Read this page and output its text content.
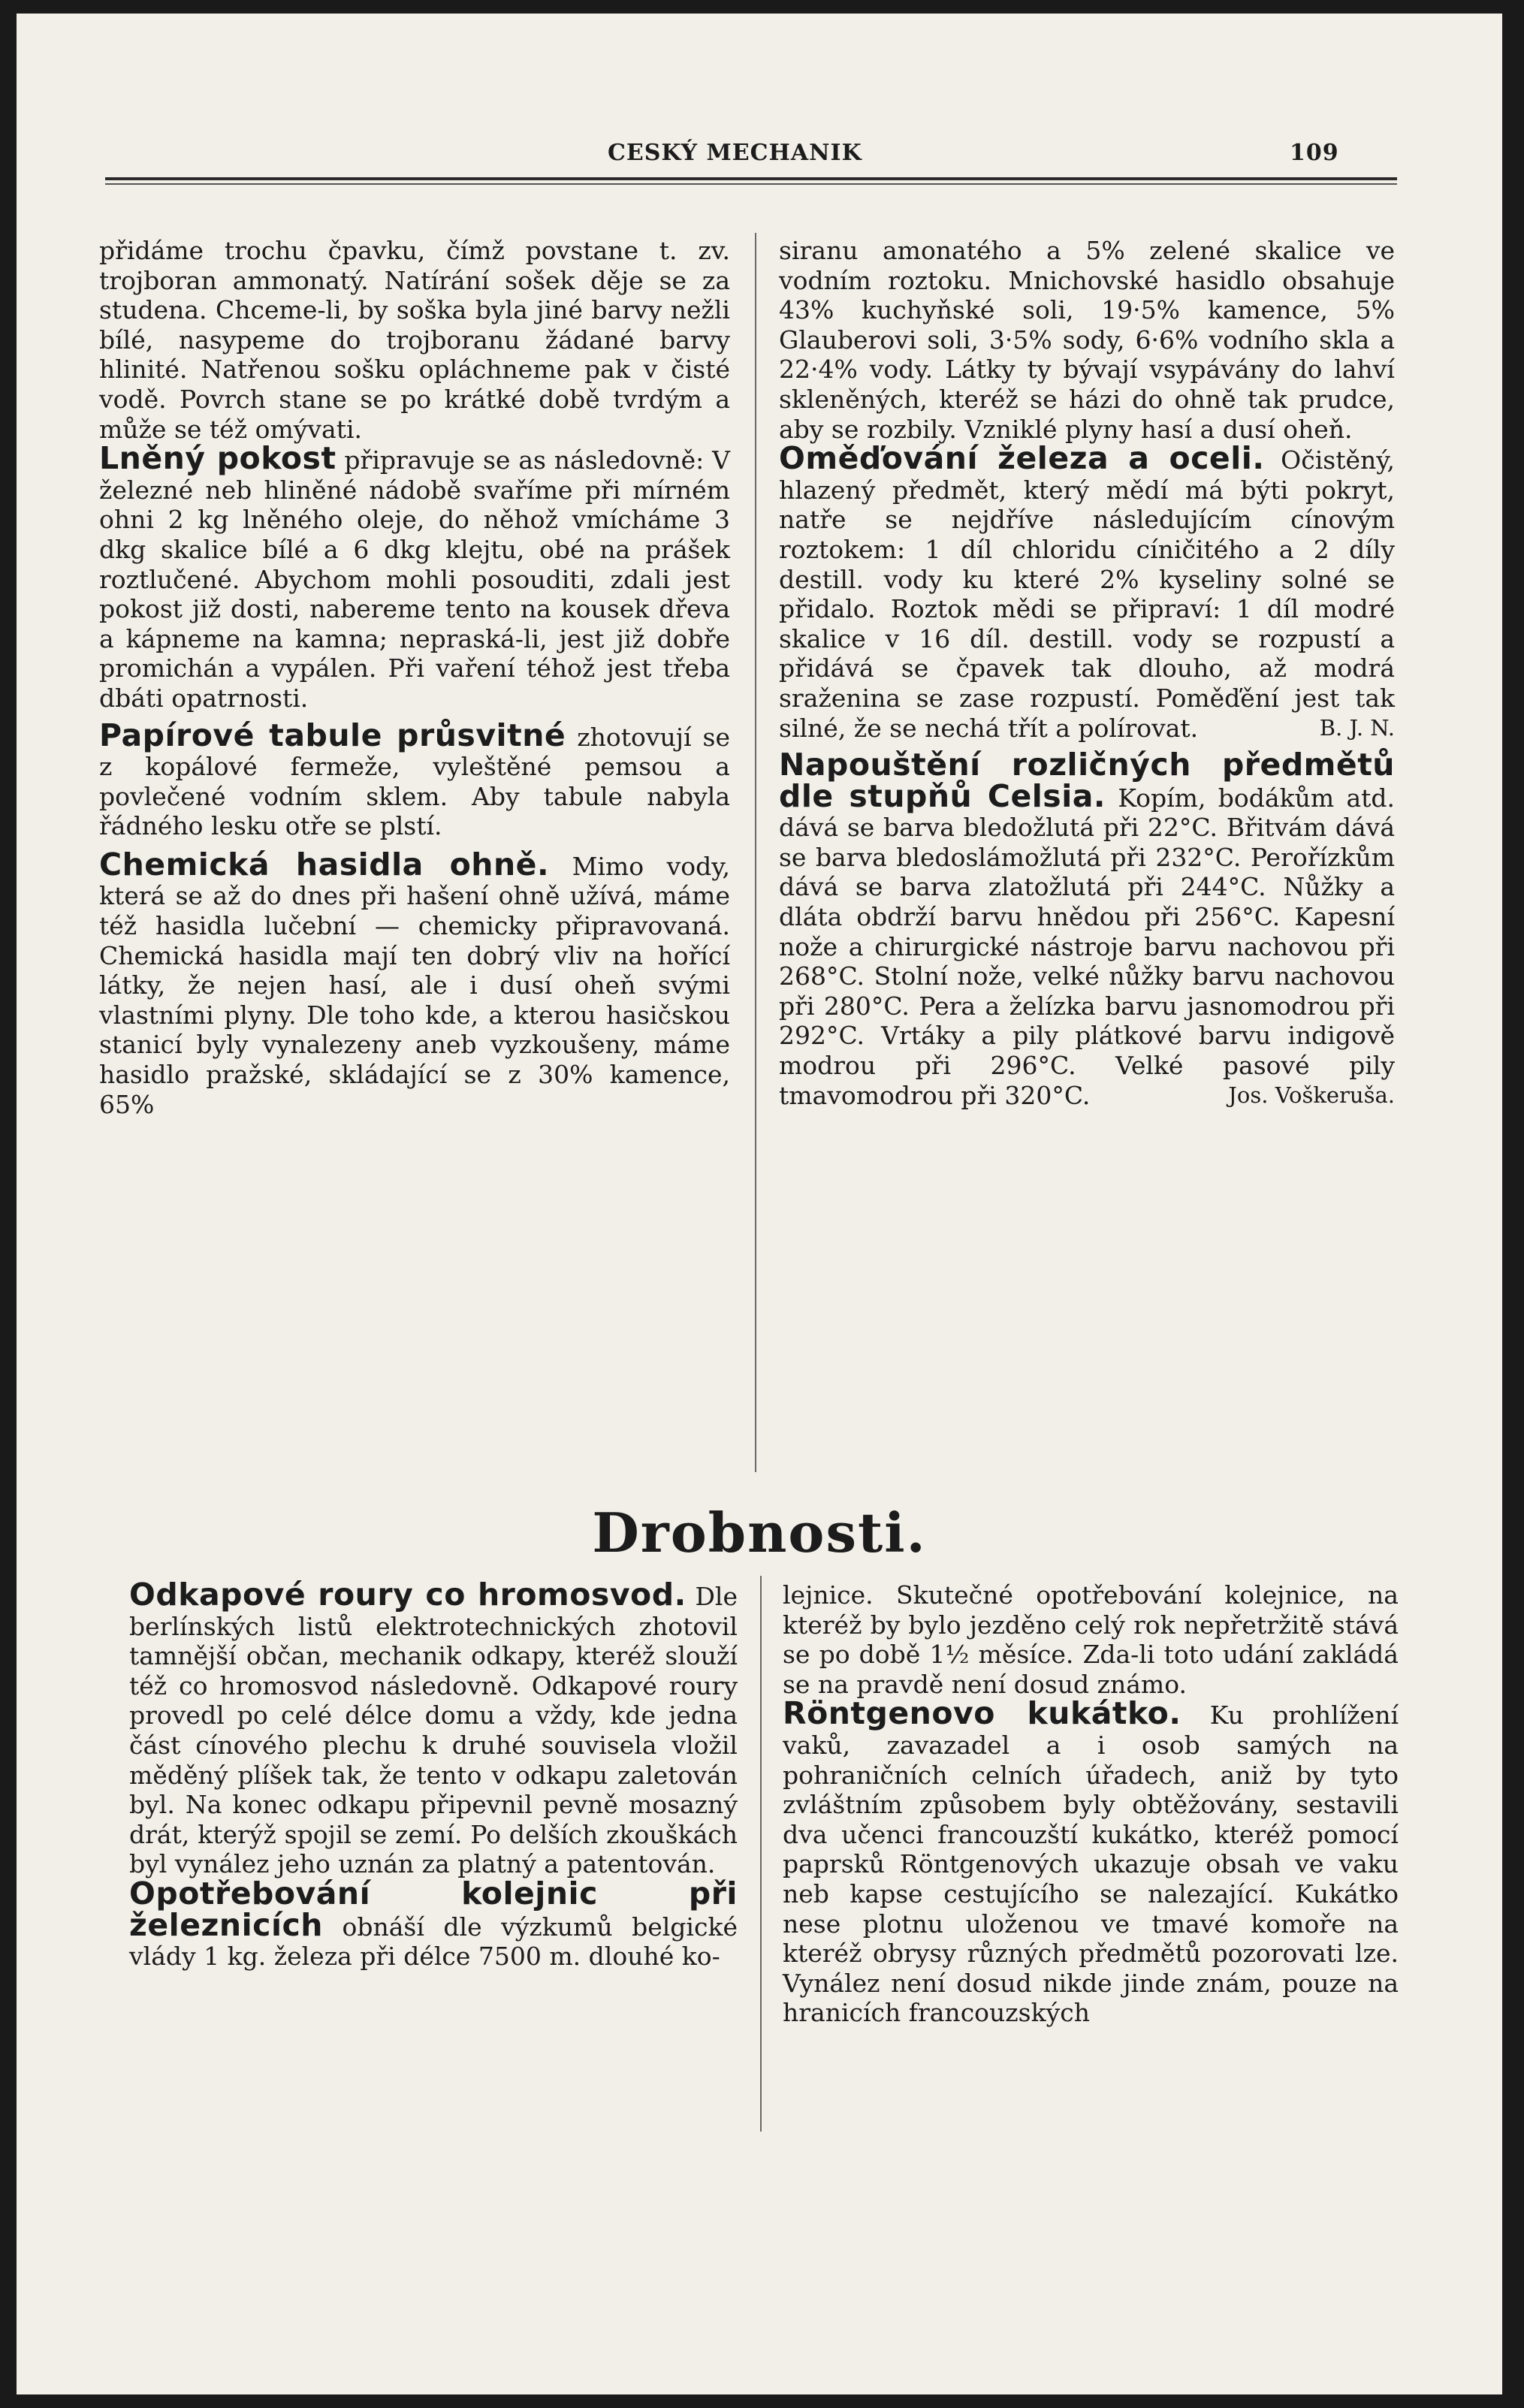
CESKÝ MECHANIK	109

přidáme trochu čpavku, čímž povstane t. zv. trojboran ammonatý. Natírání sošek děje se za studena. Chceme-li, by soška byla jiné barvy nežli bílé, nasypeme do trojboranu žádané barvy hlinité. Natřenou sošku opláchneme pak v čisté vodě. Povrch stane se po krátké době tvrdým a může se též omývati.

Lněný pokost připravuje se as následovně: V železné neb hliněné nádobě svaříme při mírném ohni 2 kg lněného oleje, do něhož vmícháme 3 dkg skalice bílé a 6 dkg klejtu, obé na prášek roztlučené. Abychom mohli posouditi, zdali jest pokost již dosti, nabereme tento na kousek dřeva a kápneme na kamna; nepraská-li, jest již dobře promichán a vypálen. Při vaření téhož jest třeba dbáti opatrnosti.

Papírové tabule průsvitné zhotovují se z kopálové fermeže, vyleštěné pemsou a povlečené vodním sklem. Aby tabule nabyla řádného lesku otře se plstí.

Chemická hasidla ohně. Mimo vody, která se až do dnes při hašení ohně užívá, máme též hasidla lučební — chemicky připravovaná. Chemická hasidla mají ten dobrý vliv na hořící látky, že nejen hasí, ale i dusí oheň svými vlastními plyny. Dle toho kde, a kterou hasičskou stanicí byly vynalezeny aneb vyzkoušeny, máme hasidlo pražské, skládající se z 30% kamence, 65%

siranu amonatého a 5% zelené skalice ve vodním roztoku. Mnichovské hasidlo obsahuje 43% kuchyňské soli, 19·5% kamence, 5% Glauberovi soli, 3·5% sody, 6·6% vodního skla a 22·4% vody. Látky ty bývají vsypávány do lahví skleněných, kteréž se házi do ohně tak prudce, aby se rozbily. Vzniklé plyny hasí a dusí oheň.

Oměďování železa a oceli. Očistěný, hlazený předmět, který mědí má býti pokryt, natře se nejdříve následujícím cínovým roztokem: 1 díl chloridu cíničitého a 2 díly destill. vody ku které 2% kyseliny solné se přidalo. Roztok mědi se připraví: 1 díl modré skalice v 16 díl. destill. vody se rozpustí a přidává se čpavek tak dlouho, až modrá sraženina se zase rozpustí. Poměďění jest tak silné, že se nechá třít a polírovat.	B. J. N.

Napouštění rozličných předmětů dle stupňů Celsia. Kopím, bodákům atd. dává se barva bledožlutá při 22°C. Břitvám dává se barva bledoslámožlutá při 232°C. Perořízkům dává se barva zlatožlutá při 244°C. Nůžky a dláta obdrží barvu hnědou při 256°C. Kapesní nože a chirurgické nástroje barvu nachovou při 268°C. Stolní nože, velké nůžky barvu nachovou při 280°C. Pera a želízka barvu jasnomodrou při 292°C. Vrtáky a pily plátkové barvu indigově modrou při 296°C. Velké pasové pily tmavomodrou při 320°C.	Jos. Voškeruša.

Drobnosti.

Odkapové roury co hromosvod. Dle berlínských listů elektrotechnických zhotovil tamnější občan, mechanik odkapy, kteréž slouží též co hromosvod následovně. Odkapové roury provedl po celé délce domu a vždy, kde jedna část cínového plechu k druhé souvisela vložil měděný plíšek tak, že tento v odkapu zaletován byl. Na konec odkapu připevnil pevně mosazný drát, kterýž spojil se zemí. Po delších zkouškách byl vynález jeho uznán za platný a patentován.

Opotřebování kolejnic při železnicích obnáší dle výzkumů belgické vlády 1 kg. železa při délce 7500 m. dlouhé ko-

lejnice. Skutečné opotřebování kolejnice, na kteréž by bylo jezděno celý rok nepřetržitě stává se po době 1½ měsíce. Zda-li toto udání zakládá se na pravdě není dosud známo.

Röntgenovo kukátko. Ku prohlížení vaků, zavazadel a i osob samých na pohraničních celních úřadech, aniž by tyto zvláštním způsobem byly obtěžovány, sestavili dva učenci francouzští kukátko, kteréž pomocí paprsků Röntgenových ukazuje obsah ve vaku neb kapse cestujícího se nalezající. Kukátko nese plotnu uloženou ve tmavé komoře na kteréž obrysy různých předmětů pozorovati lze. Vynález není dosud nikde jinde znám, pouze na hranicích francouzských
